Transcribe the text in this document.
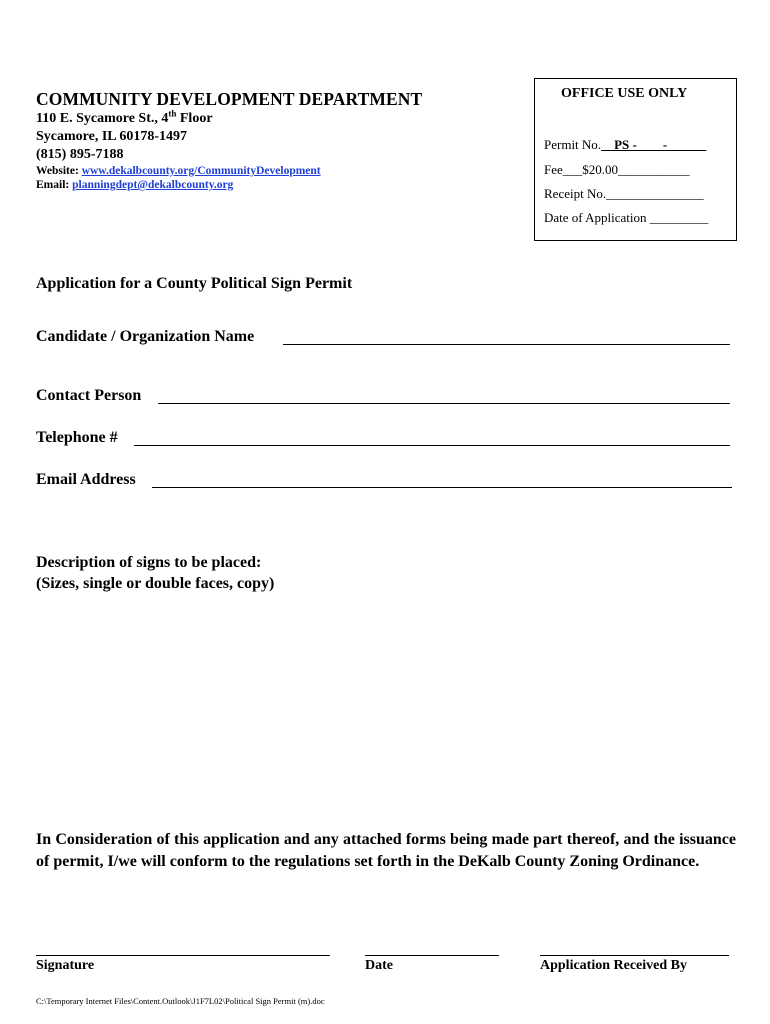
COMMUNITY DEVELOPMENT DEPARTMENT
110 E. Sycamore St., 4th Floor
Sycamore, IL 60178-1497
(815) 895-7188
Website: www.dekalbcounty.org/CommunityDevelopment
Email: planningdept@dekalbcounty.org
OFFICE USE ONLY
Permit No.__PS - __ _-______
Fee___$20.00___________
Receipt No._______________
Date of Application _________
Application for a County Political Sign Permit
Candidate / Organization Name
Contact Person
Telephone #
Email Address
Description of signs to be placed:
(Sizes, single or double faces, copy)
In Consideration of this application and any attached forms being made part thereof, and the issuance of permit, I/we will conform to the regulations set forth in the DeKalb County Zoning Ordinance.
Signature	Date	Application Received By
C:\Temporary Internet Files\Content.Outlook\J1F7L02\Political Sign Permit (m).doc
